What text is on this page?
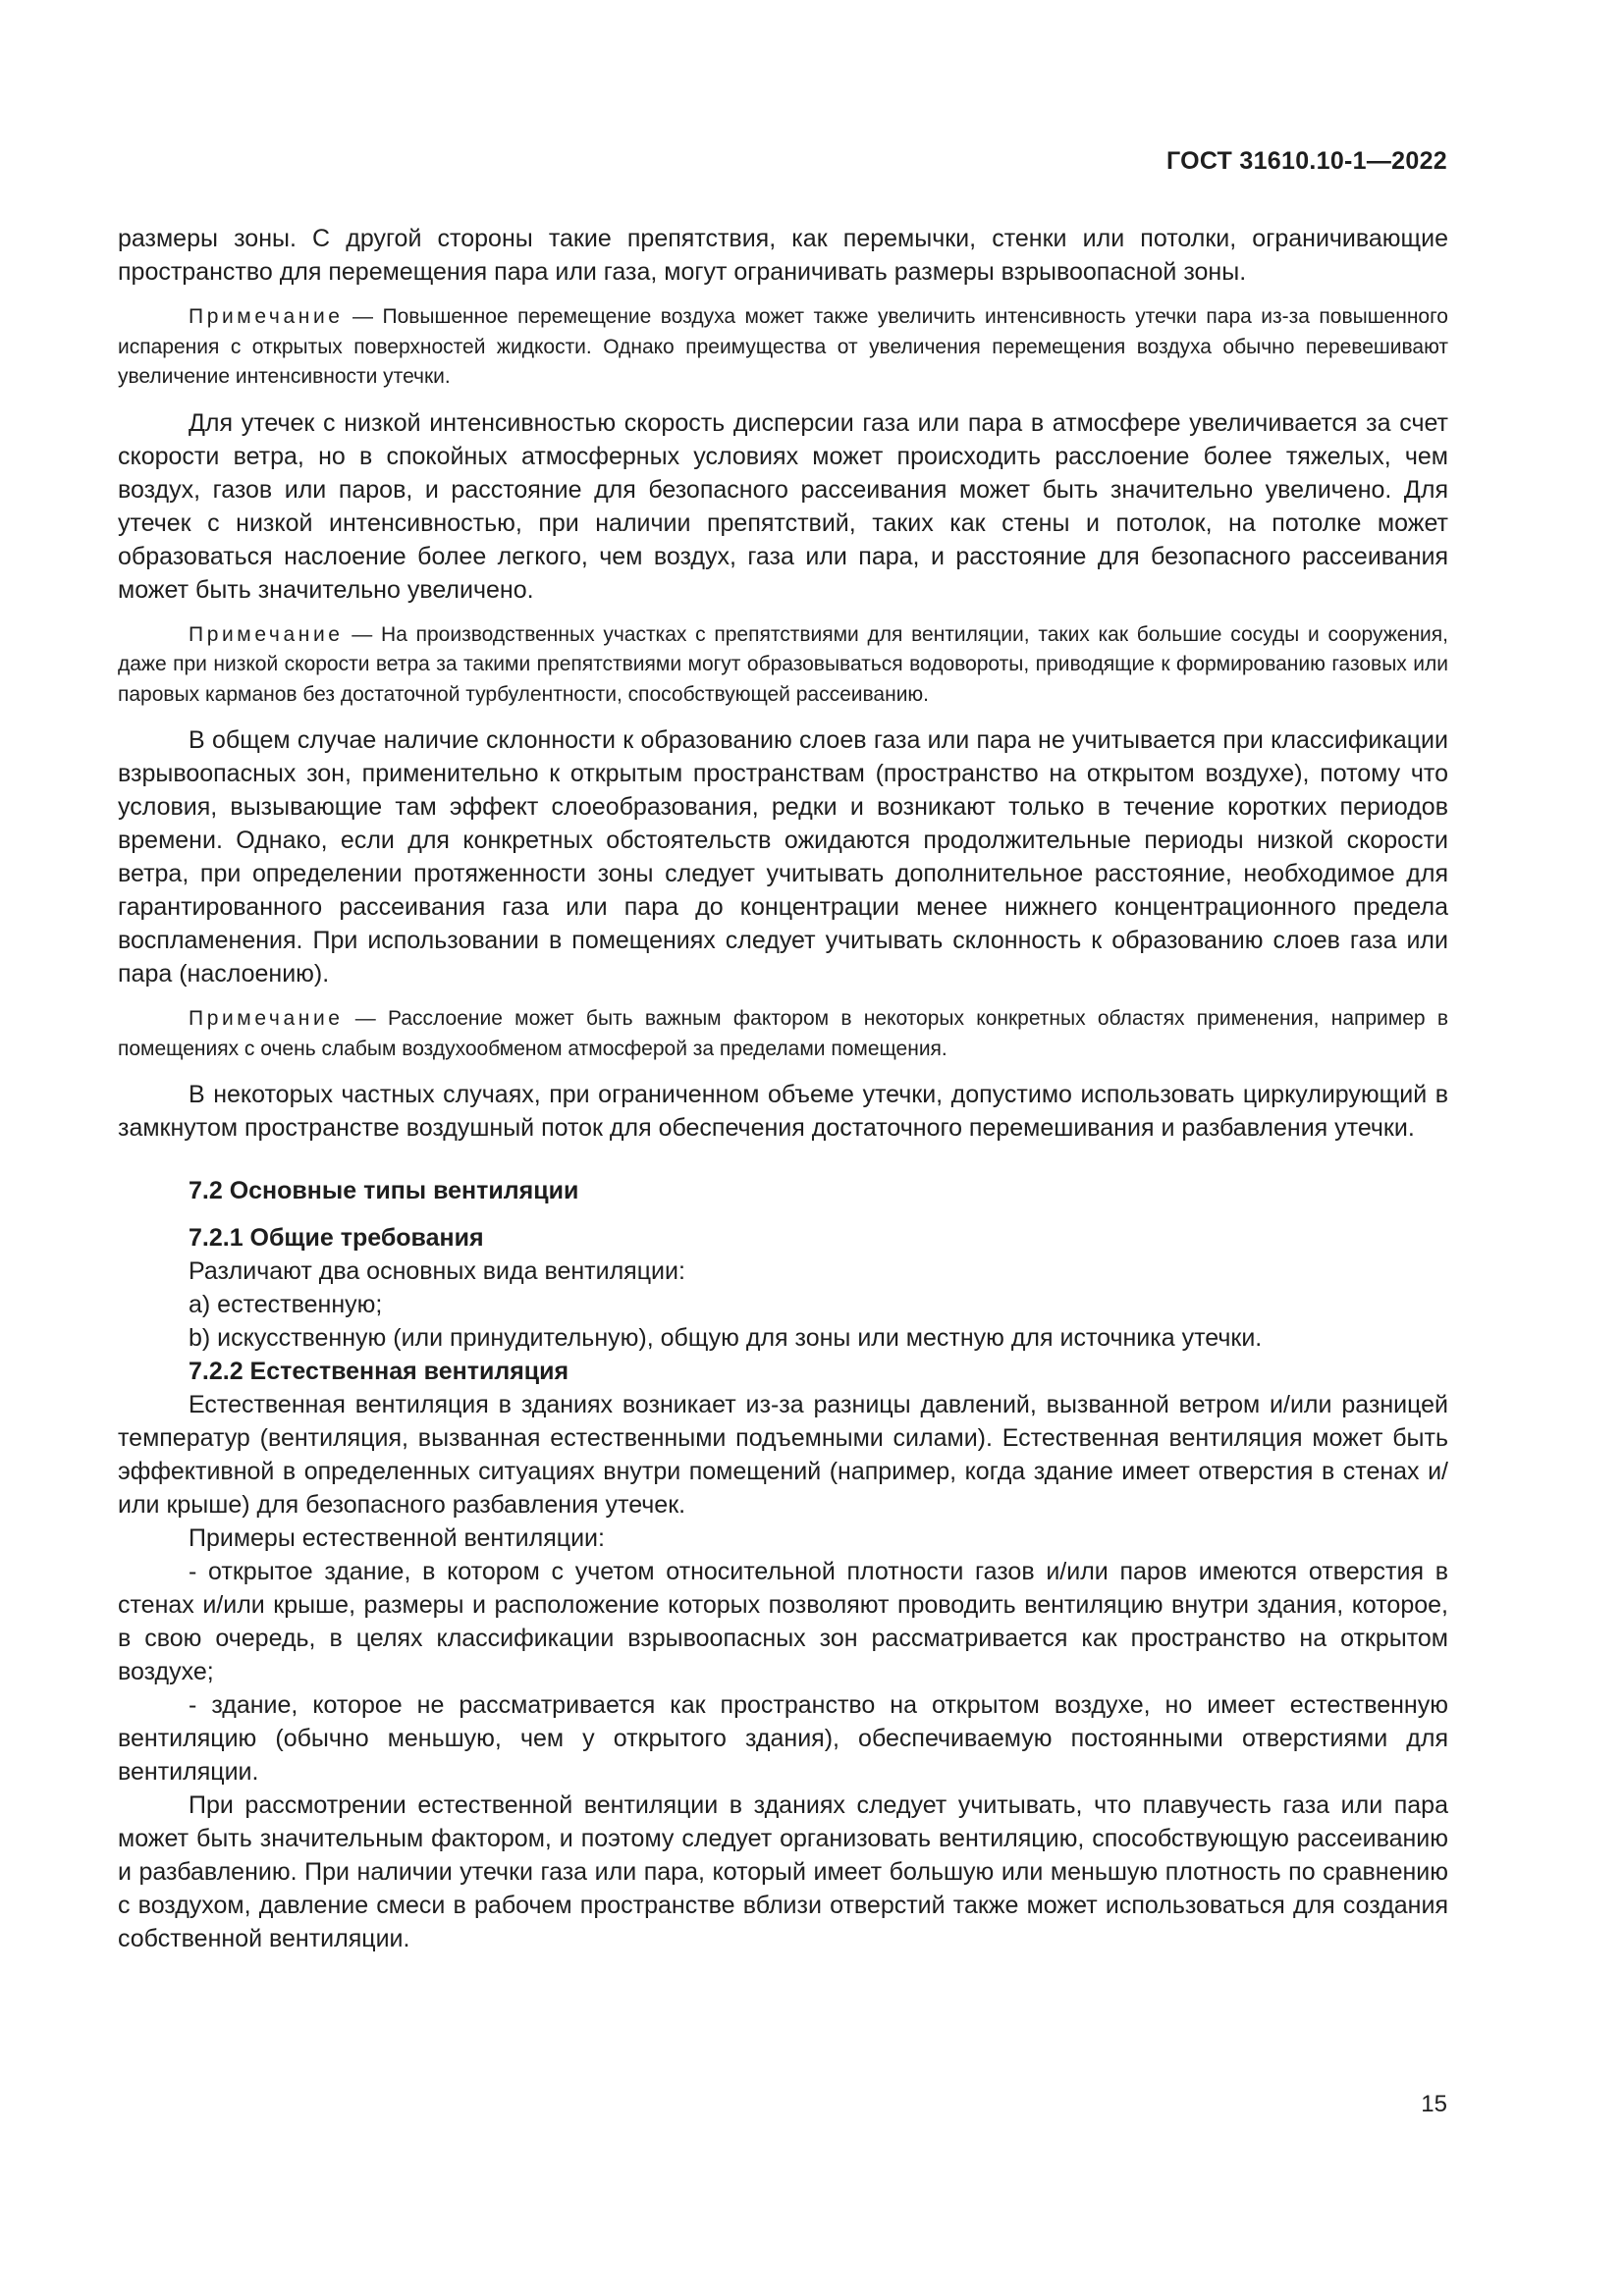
ГОСТ 31610.10-1—2022

размеры зоны. С другой стороны такие препятствия, как перемычки, стенки или потолки, ограничивающие пространство для перемещения пара или газа, могут ограничивать размеры взрывоопасной зоны.

Примечание — Повышенное перемещение воздуха может также увеличить интенсивность утечки пара из-за повышенного испарения с открытых поверхностей жидкости. Однако преимущества от увеличения перемещения воздуха обычно перевешивают увеличение интенсивности утечки.

Для утечек с низкой интенсивностью скорость дисперсии газа или пара в атмосфере увеличивается за счет скорости ветра, но в спокойных атмосферных условиях может происходить расслоение более тяжелых, чем воздух, газов или паров, и расстояние для безопасного рассеивания может быть значительно увеличено. Для утечек с низкой интенсивностью, при наличии препятствий, таких как стены и потолок, на потолке может образоваться наслоение более легкого, чем воздух, газа или пара, и расстояние для безопасного рассеивания может быть значительно увеличено.

Примечание — На производственных участках с препятствиями для вентиляции, таких как большие сосуды и сооружения, даже при низкой скорости ветра за такими препятствиями могут образовываться водовороты, приводящие к формированию газовых или паровых карманов без достаточной турбулентности, способствующей рассеиванию.

В общем случае наличие склонности к образованию слоев газа или пара не учитывается при классификации взрывоопасных зон, применительно к открытым пространствам (пространство на открытом воздухе), потому что условия, вызывающие там эффект слоеобразования, редки и возникают только в течение коротких периодов времени. Однако, если для конкретных обстоятельств ожидаются продолжительные периоды низкой скорости ветра, при определении протяженности зоны следует учитывать дополнительное расстояние, необходимое для гарантированного рассеивания газа или пара до концентрации менее нижнего концентрационного предела воспламенения. При использовании в помещениях следует учитывать склонность к образованию слоев газа или пара (наслоению).

Примечание — Расслоение может быть важным фактором в некоторых конкретных областях применения, например в помещениях с очень слабым воздухообменом атмосферой за пределами помещения.

В некоторых частных случаях, при ограниченном объеме утечки, допустимо использовать циркулирующий в замкнутом пространстве воздушный поток для обеспечения достаточного перемешивания и разбавления утечки.

7.2 Основные типы вентиляции
7.2.1 Общие требования

Различают два основных вида вентиляции:

a) естественную;

b) искусственную (или принудительную), общую для зоны или местную для источника утечки.

7.2.2 Естественная вентиляция

Естественная вентиляция в зданиях возникает из-за разницы давлений, вызванной ветром и/или разницей температур (вентиляция, вызванная естественными подъемными силами). Естественная вентиляция может быть эффективной в определенных ситуациях внутри помещений (например, когда здание имеет отверстия в стенах и/или крыше) для безопасного разбавления утечек.

Примеры естественной вентиляции:

- открытое здание, в котором с учетом относительной плотности газов и/или паров имеются отверстия в стенах и/или крыше, размеры и расположение которых позволяют проводить вентиляцию внутри здания, которое, в свою очередь, в целях классификации взрывоопасных зон рассматривается как пространство на открытом воздухе;

- здание, которое не рассматривается как пространство на открытом воздухе, но имеет естественную вентиляцию (обычно меньшую, чем у открытого здания), обеспечиваемую постоянными отверстиями для вентиляции.

При рассмотрении естественной вентиляции в зданиях следует учитывать, что плавучесть газа или пара может быть значительным фактором, и поэтому следует организовать вентиляцию, способствующую рассеиванию и разбавлению. При наличии утечки газа или пара, который имеет большую или меньшую плотность по сравнению с воздухом, давление смеси в рабочем пространстве вблизи отверстий также может использоваться для создания собственной вентиляции.

15
